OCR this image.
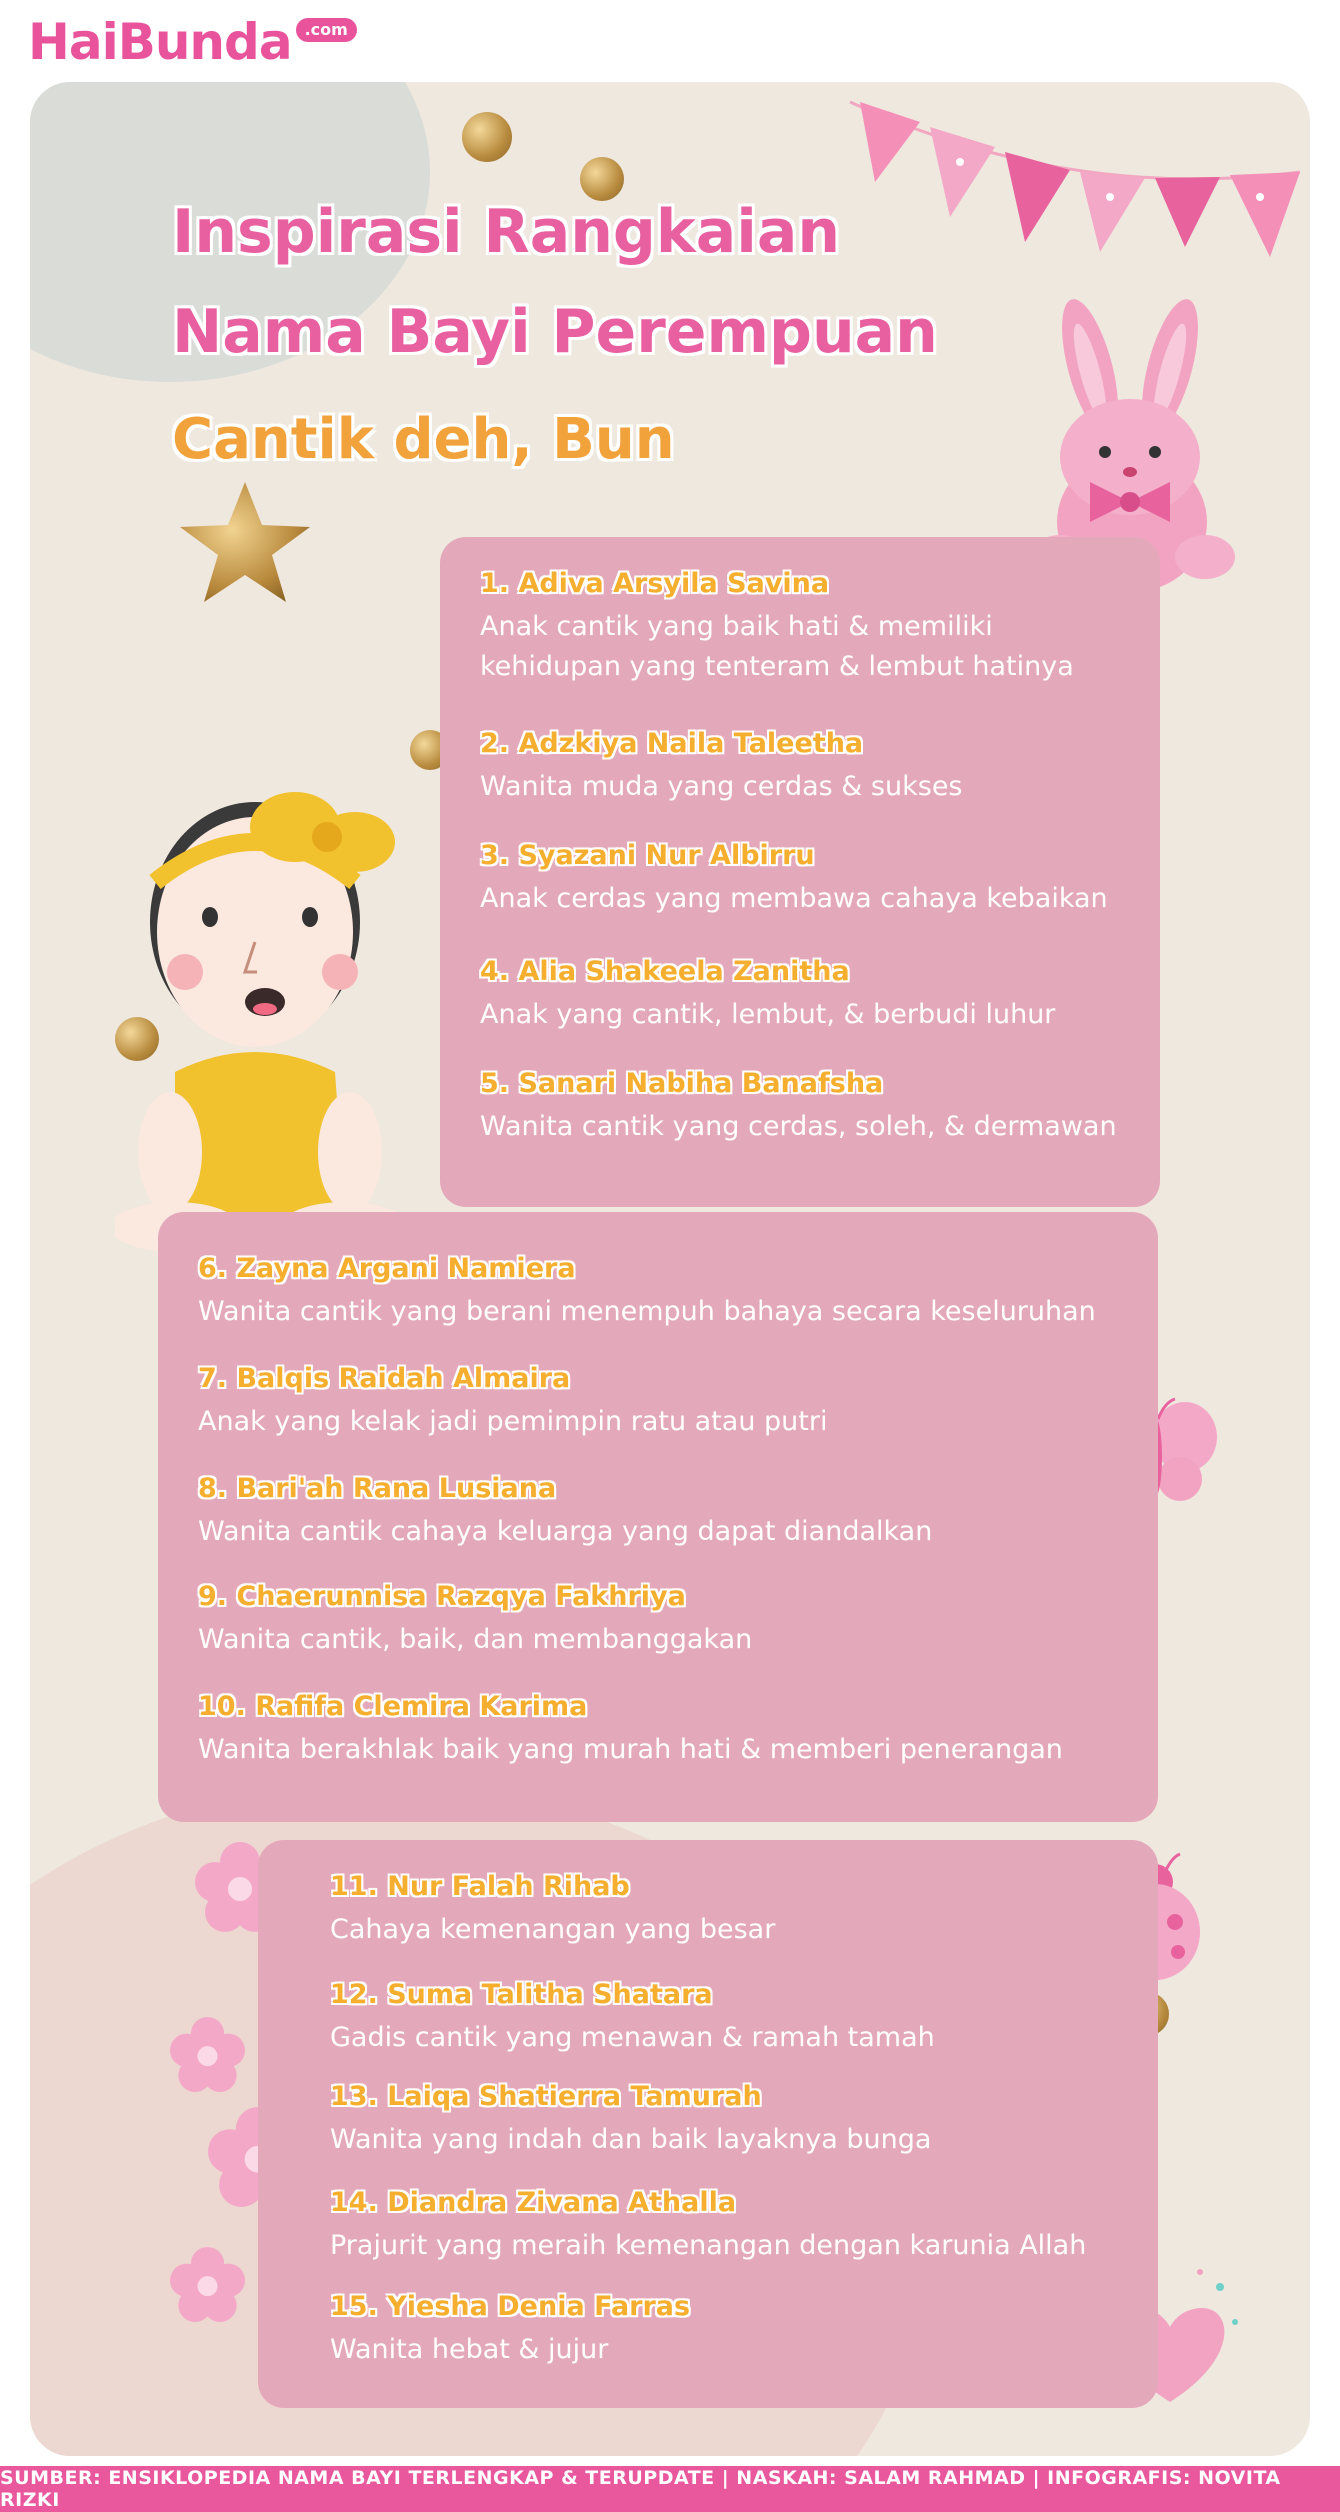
HaiBunda .com
Inspirasi Rangkaian
Nama Bayi Perempuan
Cantik deh, Bun
1. Adiva Arsyila Savina
Anak cantik yang baik hati & memiliki
kehidupan yang tenteram & lembut hatinya
2. Adzkiya Naila Taleetha
Wanita muda yang cerdas & sukses
3. Syazani Nur Albirru
Anak cerdas yang membawa cahaya kebaikan
4. Alia Shakeela Zanitha
Anak yang cantik, lembut, & berbudi luhur
5. Sanari Nabiha Banafsha
Wanita cantik yang cerdas, soleh, & dermawan
6. Zayna Argani Namiera
Wanita cantik yang berani menempuh bahaya secara keseluruhan
7. Balqis Raidah Almaira
Anak yang kelak jadi pemimpin ratu atau putri
8. Bari'ah Rana Lusiana
Wanita cantik cahaya keluarga yang dapat diandalkan
9. Chaerunnisa Razqya Fakhriya
Wanita cantik, baik, dan membanggakan
10. Rafifa Clemira Karima
Wanita berakhlak baik yang murah hati & memberi penerangan
11. Nur Falah Rihab
Cahaya kemenangan yang besar
12. Suma Talitha Shatara
Gadis cantik yang menawan & ramah tamah
13. Laiqa Shatierra Tamurah
Wanita yang indah dan baik layaknya bunga
14. Diandra Zivana Athalla
Prajurit yang meraih kemenangan dengan karunia Allah
15. Yiesha Denia Farras
Wanita hebat & jujur
SUMBER: ENSIKLOPEDIA NAMA BAYI TERLENGKAP & TERUPDATE | NASKAH: SALAM RAHMAD | INFOGRAFIS: NOVITA RIZKI
